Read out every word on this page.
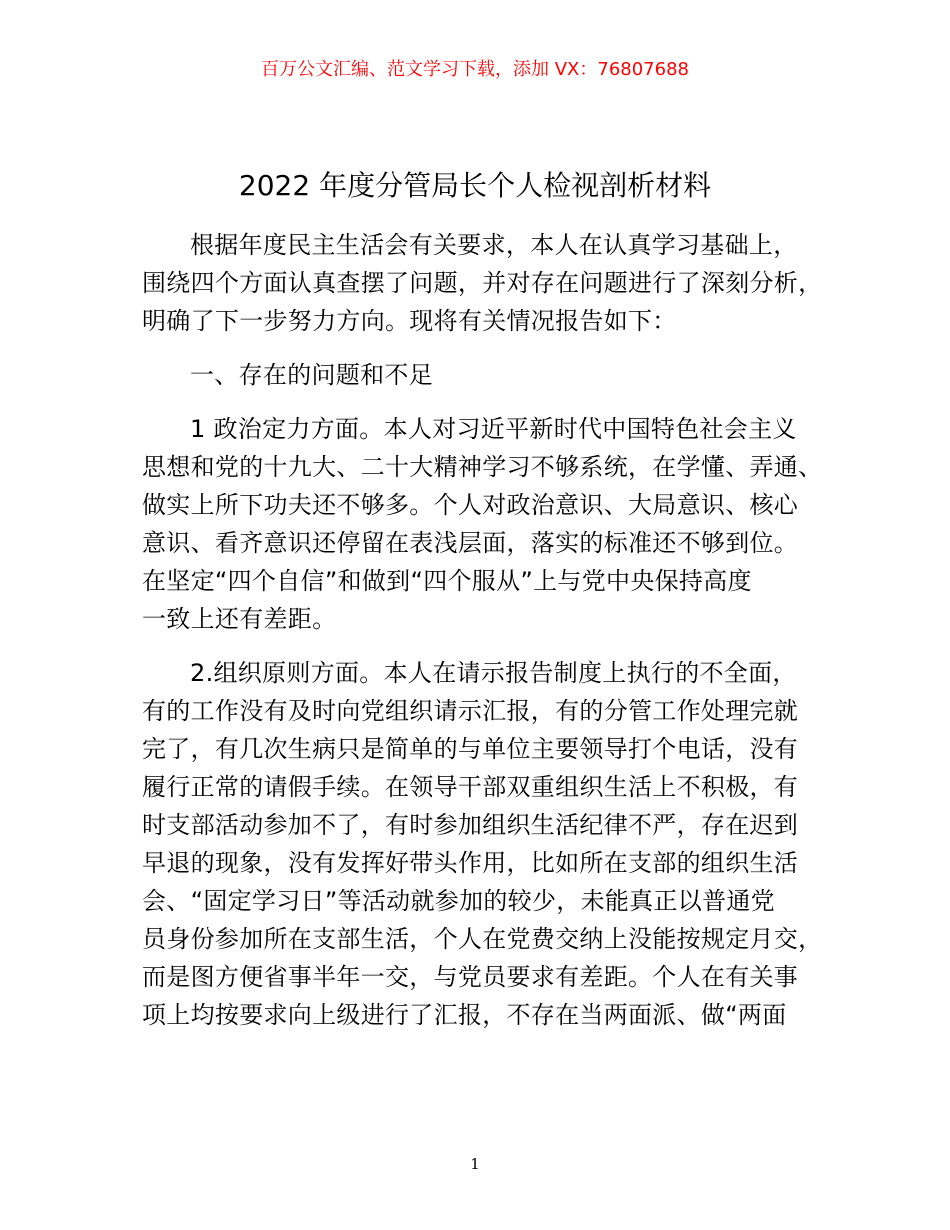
百万公文汇编、范文学习下载，添加 VX：76807688
2022 年度分管局长个人检视剖析材料
根据年度民主生活会有关要求，本人在认真学习基础上，
围绕四个方面认真查摆了问题，并对存在问题进行了深刻分析，
明确了下一步努力方向。现将有关情况报告如下：
一、存在的问题和不足
1 政治定力方面。本人对习近平新时代中国特色社会主义
思想和党的十九大、二十大精神学习不够系统，在学懂、弄通、
做实上所下功夫还不够多。个人对政治意识、大局意识、核心
意识、看齐意识还停留在表浅层面，落实的标准还不够到位。
在坚定“四个自信”和做到“四个服从”上与党中央保持高度
一致上还有差距。
2.组织原则方面。本人在请示报告制度上执行的不全面，
有的工作没有及时向党组织请示汇报，有的分管工作处理完就
完了，有几次生病只是简单的与单位主要领导打个电话，没有
履行正常的请假手续。在领导干部双重组织生活上不积极，有
时支部活动参加不了，有时参加组织生活纪律不严，存在迟到
早退的现象，没有发挥好带头作用，比如所在支部的组织生活
会、“固定学习日”等活动就参加的较少，未能真正以普通党
员身份参加所在支部生活，个人在党费交纳上没能按规定月交，
而是图方便省事半年一交，与党员要求有差距。个人在有关事
项上均按要求向上级进行了汇报，不存在当两面派、做“两面
1
